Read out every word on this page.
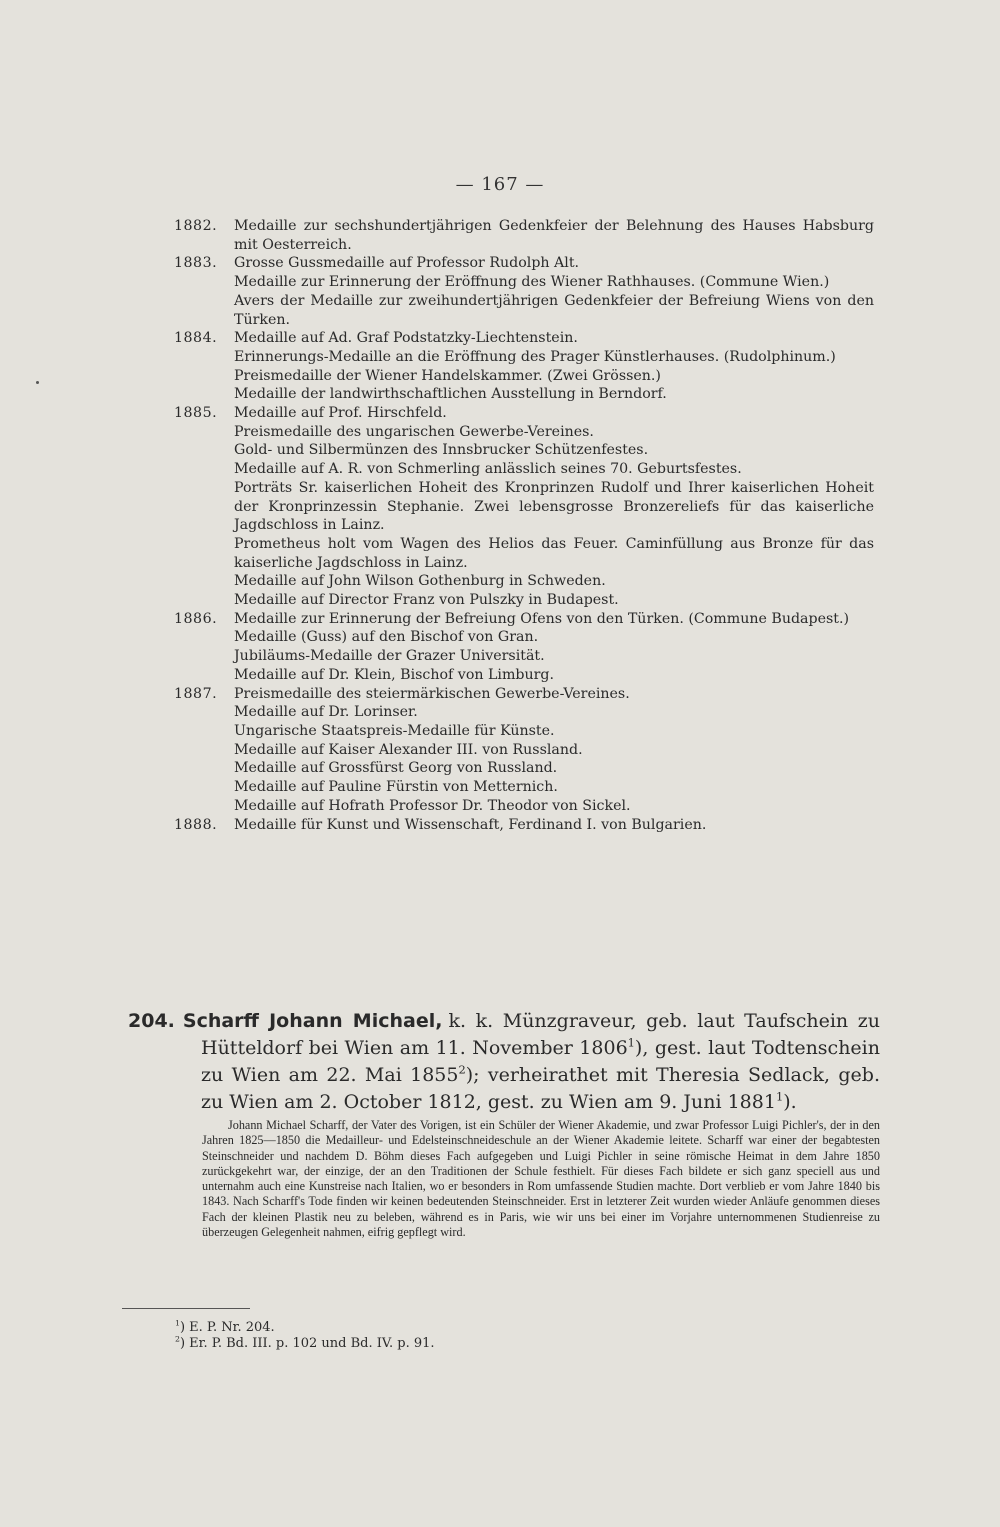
— 167 —
1882.	Medaille zur sechshundertjährigen Gedenkfeier der Belehnung des Hauses Habsburg mit Oesterreich.
1883.	Grosse Gussmedaille auf Professor Rudolph Alt.
Medaille zur Erinnerung der Eröffnung des Wiener Rathhauses. (Commune Wien.)
Avers der Medaille zur zweihundertjährigen Gedenkfeier der Befreiung Wiens von den Türken.
1884.	Medaille auf Ad. Graf Podstatzky-Liechtenstein.
Erinnerungs-Medaille an die Eröffnung des Prager Künstlerhauses. (Rudolphinum.)
Preismedaille der Wiener Handelskammer. (Zwei Grössen.)
Medaille der landwirthschaftlichen Ausstellung in Berndorf.
1885.	Medaille auf Prof. Hirschfeld.
Preismedaille des ungarischen Gewerbe-Vereines.
Gold- und Silbermünzen des Innsbrucker Schützenfestes.
Medaille auf A. R. von Schmerling anlässlich seines 70. Geburtsfestes.
Porträts Sr. kaiserlichen Hoheit des Kronprinzen Rudolf und Ihrer kaiserlichen Hoheit der Kronprinzessin Stephanie. Zwei lebensgrosse Bronzereliefs für das kaiserliche Jagdschloss in Lainz.
Prometheus holt vom Wagen des Helios das Feuer. Caminfüllung aus Bronze für das kaiserliche Jagdschloss in Lainz.
Medaille auf John Wilson Gothenburg in Schweden.
Medaille auf Director Franz von Pulszky in Budapest.
1886.	Medaille zur Erinnerung der Befreiung Ofens von den Türken. (Commune Budapest.)
Medaille (Guss) auf den Bischof von Gran.
Jubiläums-Medaille der Grazer Universität.
Medaille auf Dr. Klein, Bischof von Limburg.
1887.	Preismedaille des steiermärkischen Gewerbe-Vereines.
Medaille auf Dr. Lorinser.
Ungarische Staatspreis-Medaille für Künste.
Medaille auf Kaiser Alexander III. von Russland.
Medaille auf Grossfürst Georg von Russland.
Medaille auf Pauline Fürstin von Metternich.
Medaille auf Hofrath Professor Dr. Theodor von Sickel.
1888.	Medaille für Kunst und Wissenschaft, Ferdinand I. von Bulgarien.
204. Scharff Johann Michael, k. k. Münzgraveur, geb. laut Taufschein zu Hütteldorf bei Wien am 11. November 1806$^1$), gest. laut Todtenschein zu Wien am 22. Mai 1855$^2$); verheirathet mit Theresia Sedlack, geb. zu Wien am 2. October 1812, gest. zu Wien am 9. Juni 1881$^1$).
Johann Michael Scharff, der Vater des Vorigen, ist ein Schüler der Wiener Akademie, und zwar Professor Luigi Pichler's, der in den Jahren 1825—1850 die Medailleur- und Edelsteinschneideschule an der Wiener Akademie leitete. Scharff war einer der begabtesten Steinschneider und nachdem D. Böhm dieses Fach aufgegeben und Luigi Pichler in seine römische Heimat in dem Jahre 1850 zurückgekehrt war, der einzige, der an den Traditionen der Schule festhielt. Für dieses Fach bildete er sich ganz speciell aus und unternahm auch eine Kunstreise nach Italien, wo er besonders in Rom umfassende Studien machte. Dort verblieb er vom Jahre 1840 bis 1843. Nach Scharff's Tode finden wir keinen bedeutenden Steinschneider. Erst in letzterer Zeit wurden wieder Anläufe genommen dieses Fach der kleinen Plastik neu zu beleben, während es in Paris, wie wir uns bei einer im Vorjahre unternommenen Studienreise zu überzeugen Gelegenheit nahmen, eifrig gepflegt wird.
$^1$) E. P. Nr. 204.
$^2$) Er. P. Bd. III. p. 102 und Bd. IV. p. 91.
